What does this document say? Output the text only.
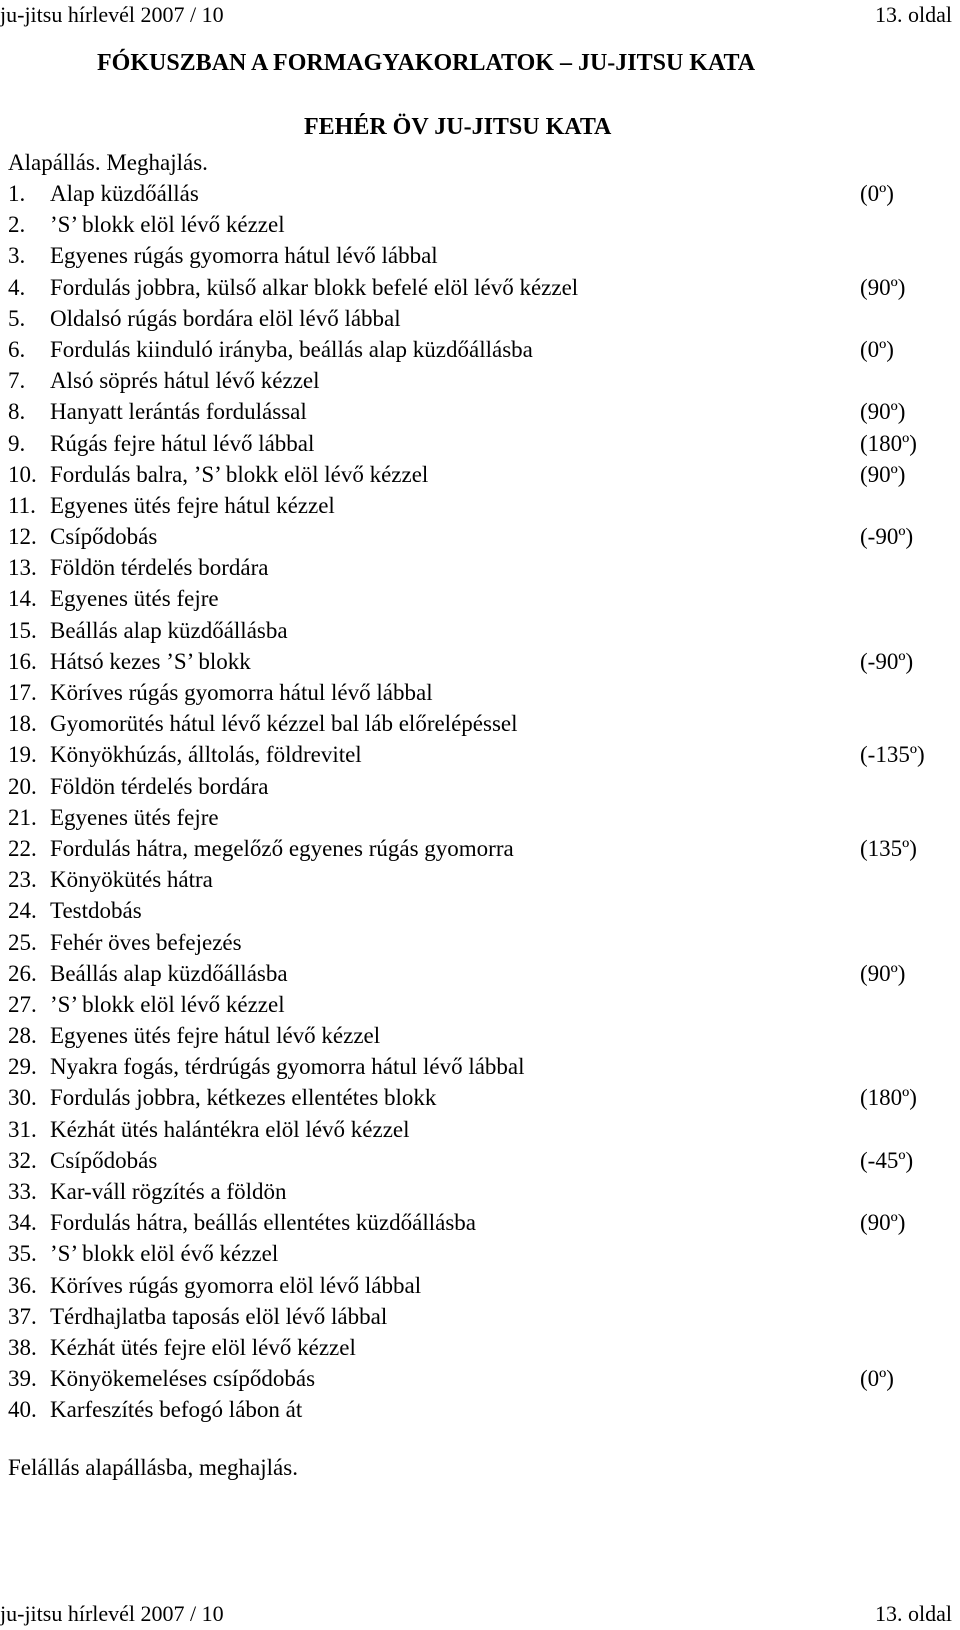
ju-jitsu hírlevél 2007 / 10	13. oldal
FÓKUSZBAN A FORMAGYAKORLATOK – JU-JITSU KATA
FEHÉR ÖV JU-JITSU KATA
Alapállás. Meghajlás.
1. Alap küzdőállás	(0º)
2. ’S’ blokk elöl lévő kézzel
3. Egyenes rúgás gyomorra hátul lévő lábbal
4. Fordulás jobbra, külső alkar blokk befelé elöl lévő kézzel	(90º)
5. Oldalsó rúgás bordára elöl lévő lábbal
6. Fordulás kiinduló irányba, beállás alap küzdőállásba	(0º)
7. Alsó söprés hátul lévő kézzel
8. Hanyatt lerántás fordulással	(90º)
9. Rúgás fejre hátul lévő lábbal	(180º)
10. Fordulás balra, ’S’ blokk elöl lévő kézzel	(90º)
11. Egyenes ütés fejre hátul kézzel
12. Csípődobás	(-90º)
13. Földön térdelés bordára
14. Egyenes ütés fejre
15. Beállás alap küzdőállásba
16. Hátsó kezes ’S’ blokk	(-90º)
17. Köríves rúgás gyomorra hátul lévő lábbal
18. Gyomorütés hátul lévő kézzel bal láb előrelépéssel
19. Könyökhúzás, álltolás, földrevitel	(-135º)
20. Földön térdelés bordára
21. Egyenes ütés fejre
22. Fordulás hátra, megelőző egyenes rúgás gyomorra	(135º)
23. Könyökütés hátra
24. Testdobás
25. Fehér öves befejezés
26. Beállás alap küzdőállásba	(90º)
27. ’S’ blokk elöl lévő kézzel
28. Egyenes ütés fejre hátul lévő kézzel
29. Nyakra fogás, térdrúgás gyomorra hátul lévő lábbal
30. Fordulás jobbra, kétkezes ellentétes blokk	(180º)
31. Kézhát ütés halántékra elöl lévő kézzel
32. Csípődobás	(-45º)
33. Kar-váll rögzítés a földön
34. Fordulás hátra, beállás ellentétes küzdőállásba	(90º)
35. ’S’ blokk elöl évő kézzel
36. Köríves rúgás gyomorra elöl lévő lábbal
37. Térdhajlatba taposás elöl lévő lábbal
38. Kézhát ütés fejre elöl lévő kézzel
39. Könyökemeléses csípődobás	(0º)
40. Karfeszítés befogó lábon át
Felállás alapállásba, meghajlás.
ju-jitsu hírlevél 2007 / 10	13. oldal
